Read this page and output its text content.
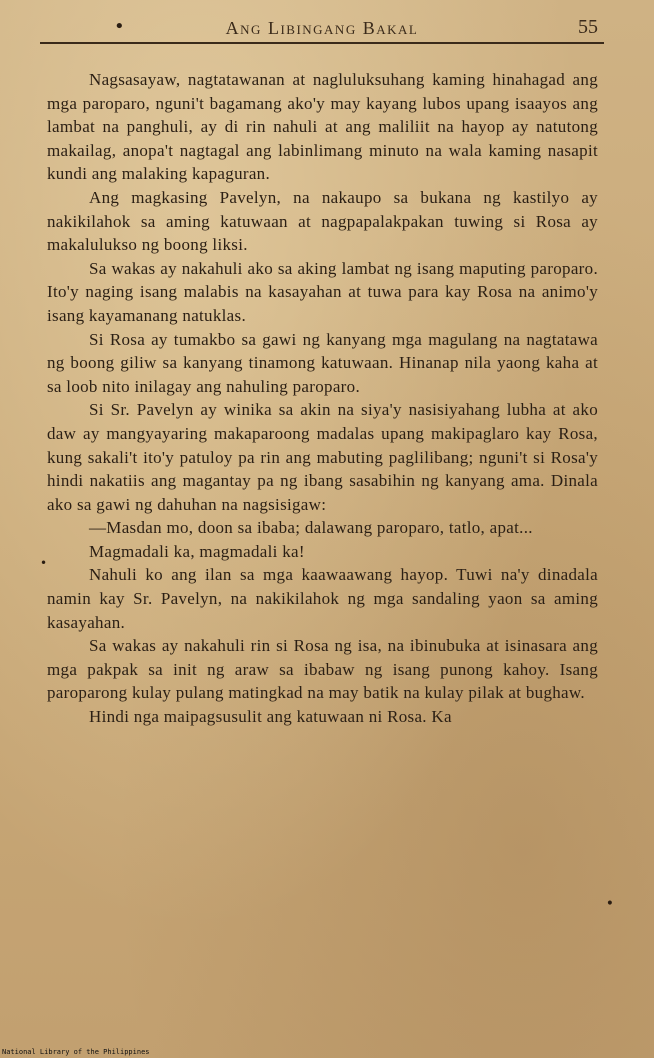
•	Ang Libingang Bakal	55
•

Nagsasayaw, nagtatawanan at nagluluksuhang kaming hinahagad ang mga paroparo, nguni't bagamang ako'y may kayang lubos upang isaayos ang lambat na panghuli, ay di rin nahuli at ang maliliit na hayop ay natutong makailag, anopa't nagtagal ang labinlimang minuto na wala kaming nasapit kundi ang malaking kapaguran.

Ang magkasing Pavelyn, na nakaupo sa bukana ng kastilyo ay nakikilahok sa aming katuwaan at nagpapalakpakan tuwing si Rosa ay makalulukso ng boong liksi.

Sa wakas ay nakahuli ako sa aking lambat ng isang maputing paroparo. Ito'y naging isang malabis na kasayahan at tuwa para kay Rosa na animo'y isang kayamanang natuklas.

Si Rosa ay tumakbo sa gawi ng kanyang mga magulang na nagtatawa ng boong giliw sa kanyang tinamong katuwaan. Hinanap nila yaong kaha at sa loob nito inilagay ang nahuling paroparo.

Si Sr. Pavelyn ay winika sa akin na siya'y nasisiyahang lubha at ako daw ay mangyayaring makaparoong madalas upang makipaglaro kay Rosa, kung sakali't ito'y patuloy pa rin ang mabuting paglilibang; nguni't si Rosa'y hindi nakatiis ang magantay pa ng ibang sasabihin ng kanyang ama. Dinala ako sa gawi ng dahuhan na nagsisigaw:

—Masdan mo, doon sa ibaba; dalawang paroparo, tatlo, apat...

Magmadali ka, magmadali ka!

Nahuli ko ang ilan sa mga kaawaawang hayop. Tuwi na'y dinadala namin kay Sr. Pavelyn, na nakikilahok ng mga sandaling yaon sa aming kasayahan.

Sa wakas ay nakahuli rin si Rosa ng isa, na ibinubuka at isinasara ang mga pakpak sa init ng araw sa ibabaw ng isang punong kahoy. Isang paroparong kulay pulang matingkad na may batik na kulay pilak at bughaw.

Hindi nga maipagsusulit ang katuwaan ni Rosa. Ka

•
National Library of the Philippines
